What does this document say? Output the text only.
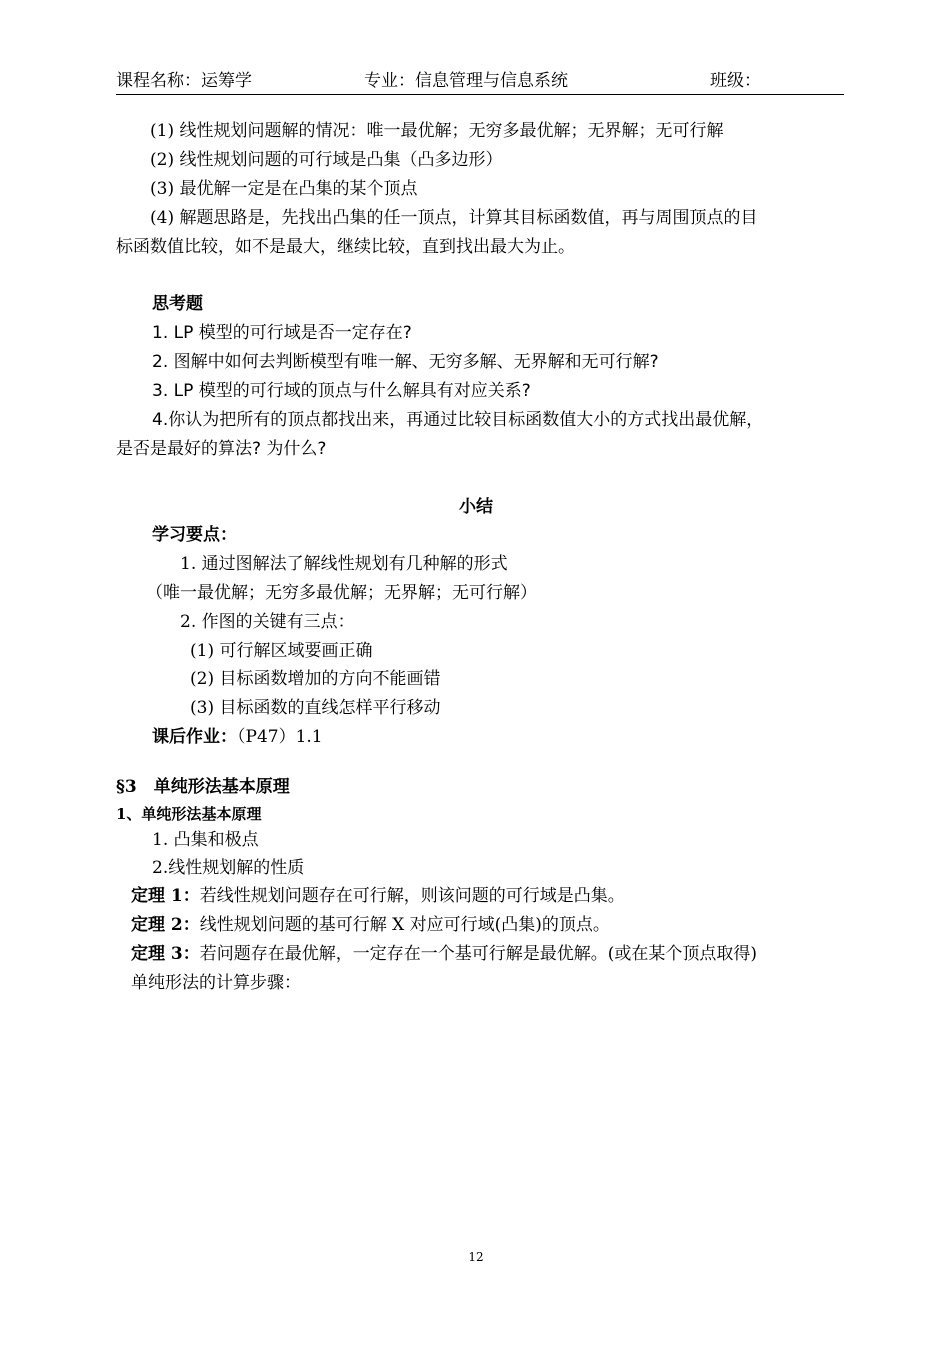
课程名称：运筹学	专业：信息管理与信息系统	班级：
(1) 线性规划问题解的情况：唯一最优解；无穷多最优解；无界解；无可行解
(2) 线性规划问题的可行域是凸集（凸多边形）
(3) 最优解一定是在凸集的某个顶点
(4) 解题思路是，先找出凸集的任一顶点，计算其目标函数值，再与周围顶点的目
标函数值比较，如不是最大，继续比较，直到找出最大为止。
思考题
1. LP 模型的可行域是否一定存在?
2. 图解中如何去判断模型有唯一解、无穷多解、无界解和无可行解?
3. LP 模型的可行域的顶点与什么解具有对应关系?
4.你认为把所有的顶点都找出来，再通过比较目标函数值大小的方式找出最优解，
是否是最好的算法? 为什么?
小结
学习要点：
1. 通过图解法了解线性规划有几种解的形式
（唯一最优解；无穷多最优解；无界解；无可行解）
2. 作图的关键有三点：
(1) 可行解区域要画正确
(2) 目标函数增加的方向不能画错
(3) 目标函数的直线怎样平行移动
课后作业：（P47）1.1
§3　单纯形法基本原理
1、单纯形法基本原理
1. 凸集和极点
2.线性规划解的性质
定理 1：若线性规划问题存在可行解，则该问题的可行域是凸集。
定理 2：线性规划问题的基可行解 X 对应可行域(凸集)的顶点。
定理 3：若问题存在最优解，一定存在一个基可行解是最优解。(或在某个顶点取得)
单纯形法的计算步骤：
12
